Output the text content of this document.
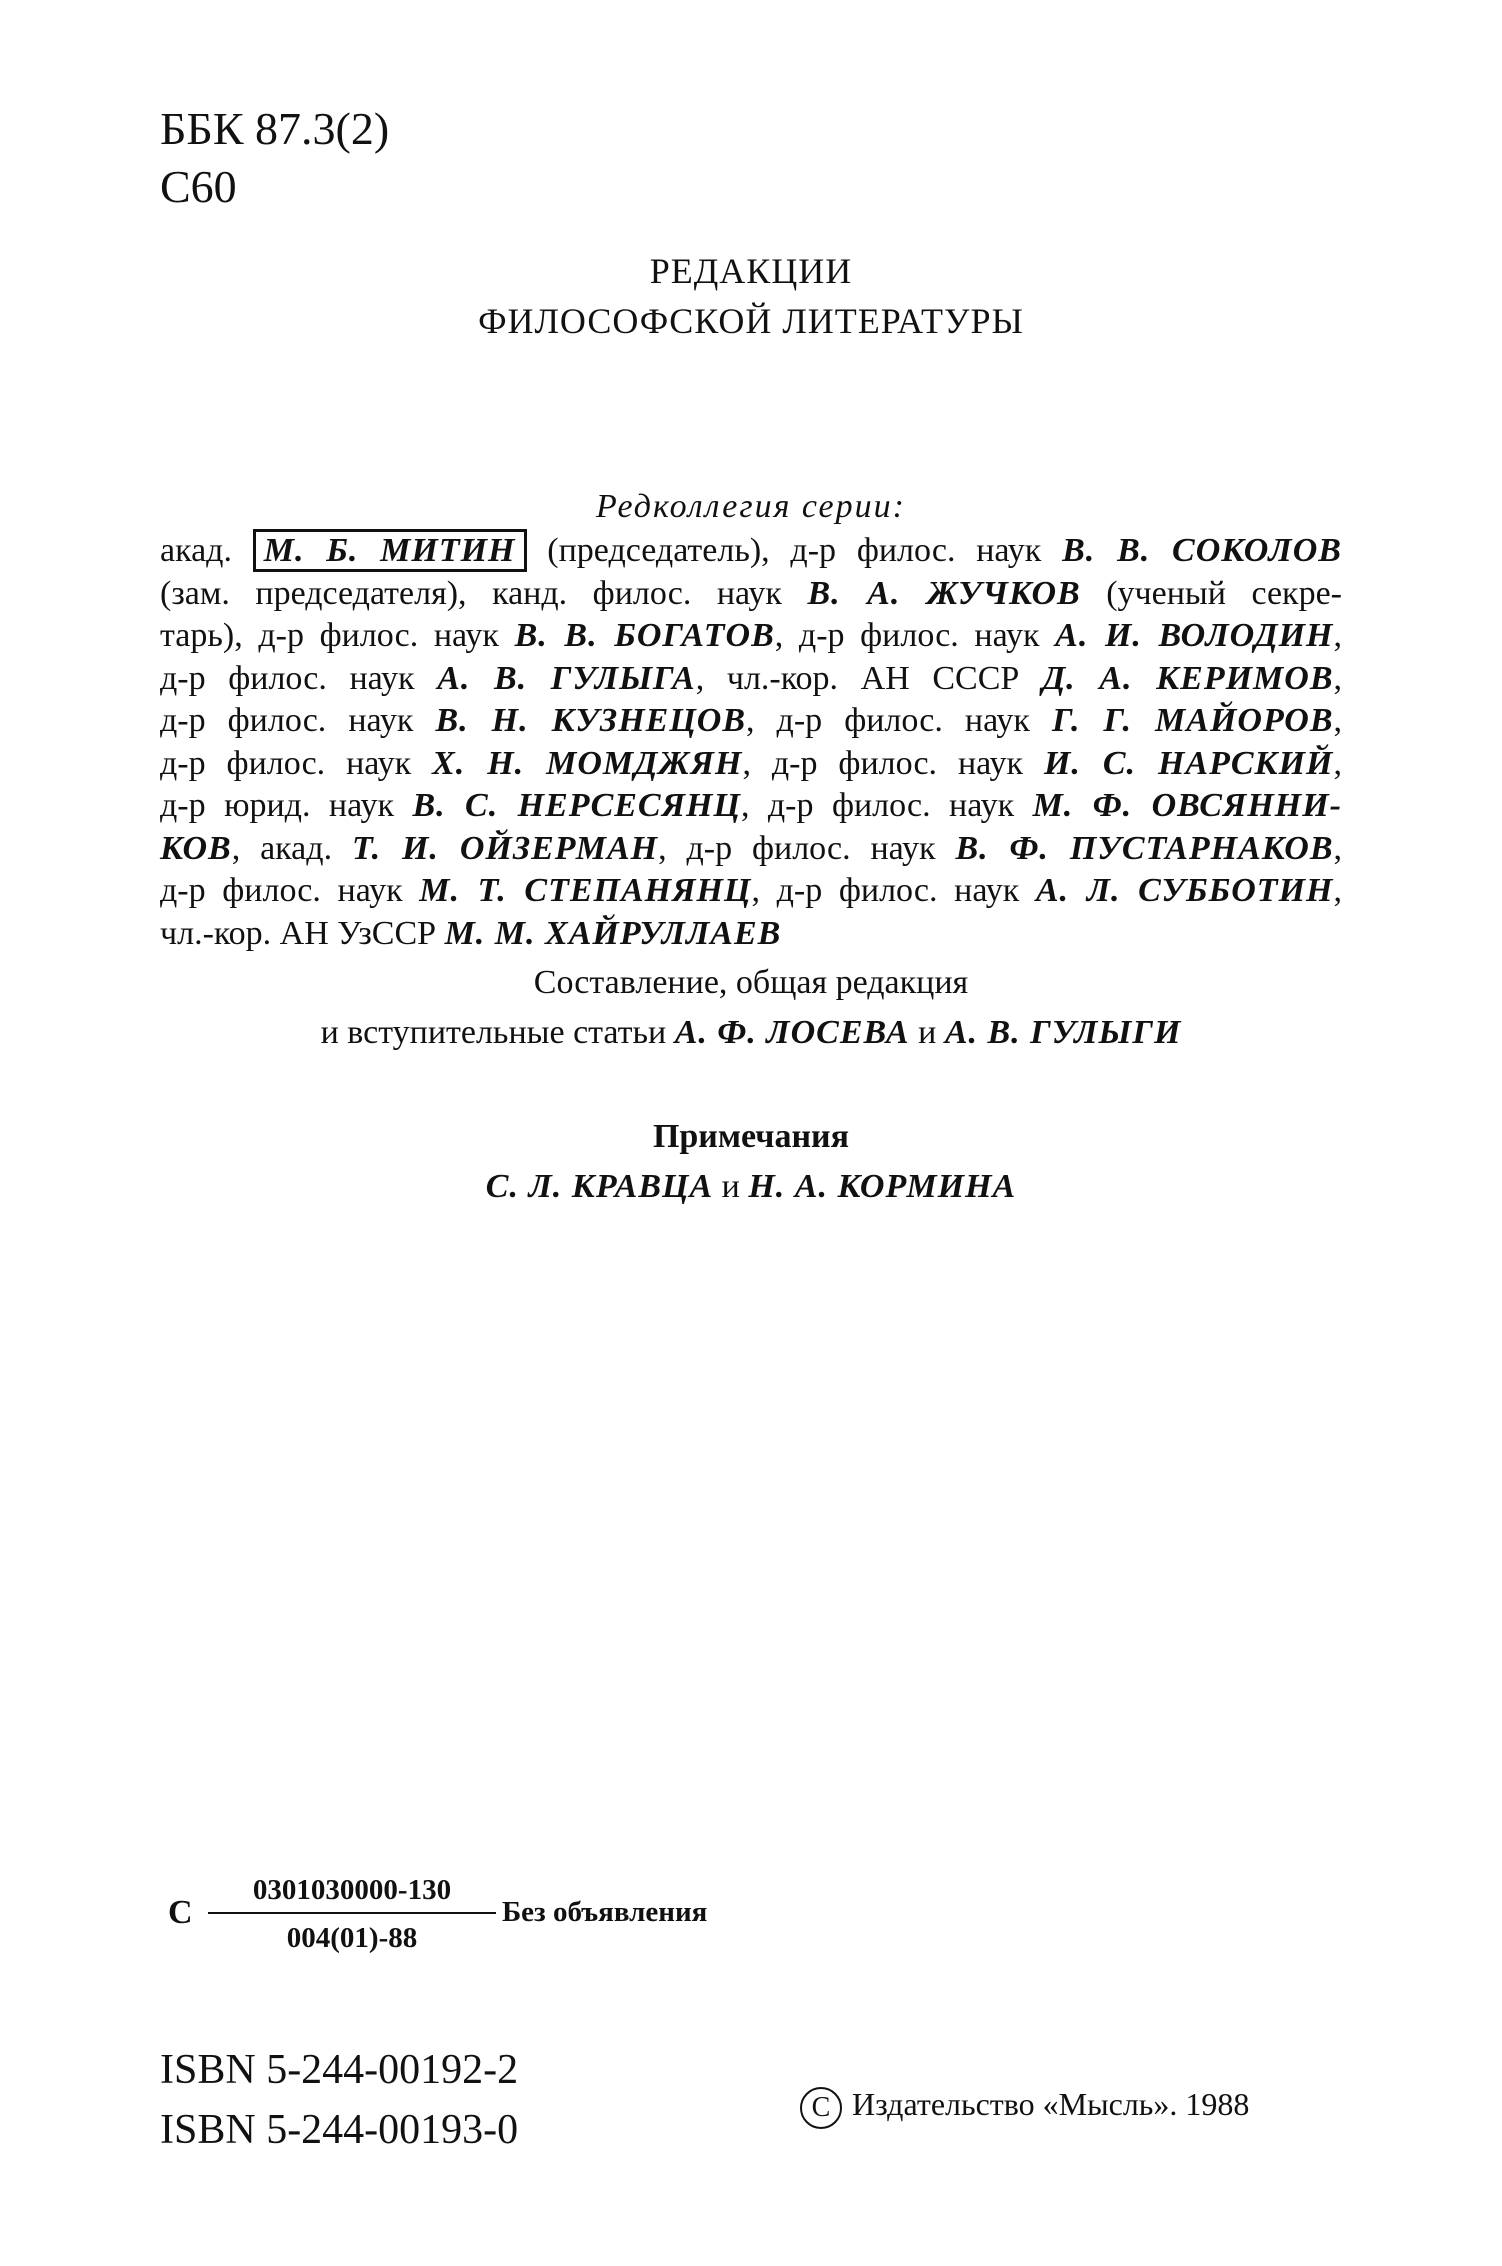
ББК 87.3(2)
С60
РЕДАКЦИИ
ФИЛОСОФСКОЙ ЛИТЕРАТУРЫ
Редколлегия серии:
акад. М. Б. МИТИН (председатель), д-р филос. наук В. В. СОКОЛОВ
(зам. председателя), канд. филос. наук В. А. ЖУЧКОВ (ученый секре-
тарь), д-р филос. наук В. В. БОГАТОВ, д-р филос. наук А. И. ВОЛОДИН,
д-р филос. наук А. В. ГУЛЫГА, чл.-кор. АН СССР Д. А. КЕРИМОВ,
д-р филос. наук В. Н. КУЗНЕЦОВ, д-р филос. наук Г. Г. МАЙОРОВ,
д-р филос. наук Х. Н. МОМДЖЯН, д-р филос. наук И. С. НАРСКИЙ,
д-р юрид. наук В. С. НЕРСЕСЯНЦ, д-р филос. наук М. Ф. ОВСЯННИ-
КОВ, акад. Т. И. ОЙЗЕРМАН, д-р филос. наук В. Ф. ПУСТАРНАКОВ,
д-р филос. наук М. Т. СТЕПАНЯНЦ, д-р филос. наук А. Л. СУББОТИН,
чл.-кор. АН УзССР М. М. ХАЙРУЛЛАЕВ
Составление, общая редакция
и вступительные статьи А. Ф. ЛОСЕВА и А. В. ГУЛЫГИ
Примечания
С. Л. КРАВЦА и Н. А. КОРМИНА
С $\frac{0301030000-130}{004(01)-88}$ Без объявления
ISBN 5-244-00192-2
ISBN 5-244-00193-0	C Издательство «Мысль». 1988
